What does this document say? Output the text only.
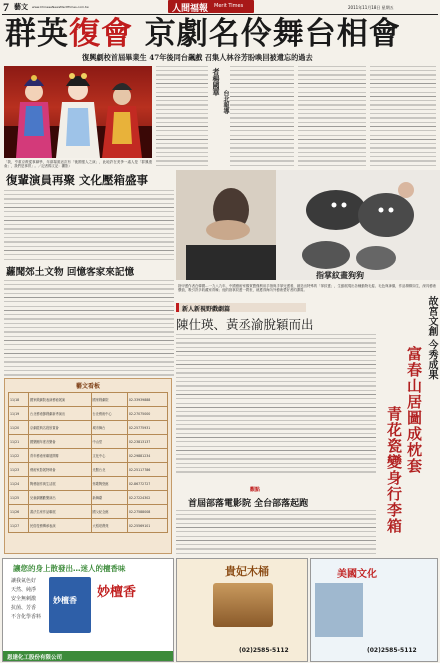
7 藝文 www.ChineseNewsMeritTimes.com.tw	人間福報 Merit Times	2011年11月18日 星期五
群英復會 京劇名伶舞台相會
復興劇校首屆畢業生 47年後同台飆戲 召集人林谷芳盼喚回被遺忘的過去
「我，亨重京戲從事劇學，年兩場面這次有「後國強人之演」，此地許在美爭一處人是「群鳳復會」，我們是事實」。／記者楊文記：攝影）
者楊國華
台北報導
復輩演員再聚 文化壓箱盛事
蘿聞郊土文物 回憶客家來記憶	指掌紋畫狗狗
指甲畫作者在韓國…一九八九年，中國藝術家楊賀寶僅利用手指與手掌兒畫著，創造出特殊的「掌紋畫」，生動展現出各種動物毛髮、毛色與神韻，作品栩栩如生，深具藝術價值，吸引許多收藏家青睞；他的指掌紋畫一問世，就獲得海內外藝術愛好者的讚賞。
新人新視野戲劇篇
陳仕瑛、黃丞渝脫穎而出
觀點
首屆部落電影院 全台部落起跑
故宮文創 今秀成果
富春山居圖成枕套
青花瓷變身行李箱
藝文看板
11/18	國家戲劇院表演藝術展演	國家戲劇院	02-33939888
11/19	台北藝術節戲劇新秀演出	台北藝術中心	02-27075000
11/20	京劇經典名段欣賞會	城市舞台	02-25775931
11/21	國樂團年度音樂會	中山堂	02-23813137
11/22	青年藝術家聯展開幕	文化中心	02-29881234
11/23	藝術家影展特映會	光點台北	02-25117786
11/24	陶藝創作與生活展	鶯歌陶瓷館	02-86772727
11/25	兒童劇團歡樂演出	新舞臺	02-27224302
11/26	書法名家作品聯展	國父紀念館	02-27588008
11/27	民俗技藝傳承表演	大稻埕戲苑	02-25569101
讓您的身上散發出…迷人的檀香味
讓我氣色好
天然、純淨
安全無刺激
抗菌、芳香
不含化學香料
妙檀香
妙檀香
恩達化工股份有限公司
貴妃木桶
(02)2585-5112
美國文化
(02)2585-5112
